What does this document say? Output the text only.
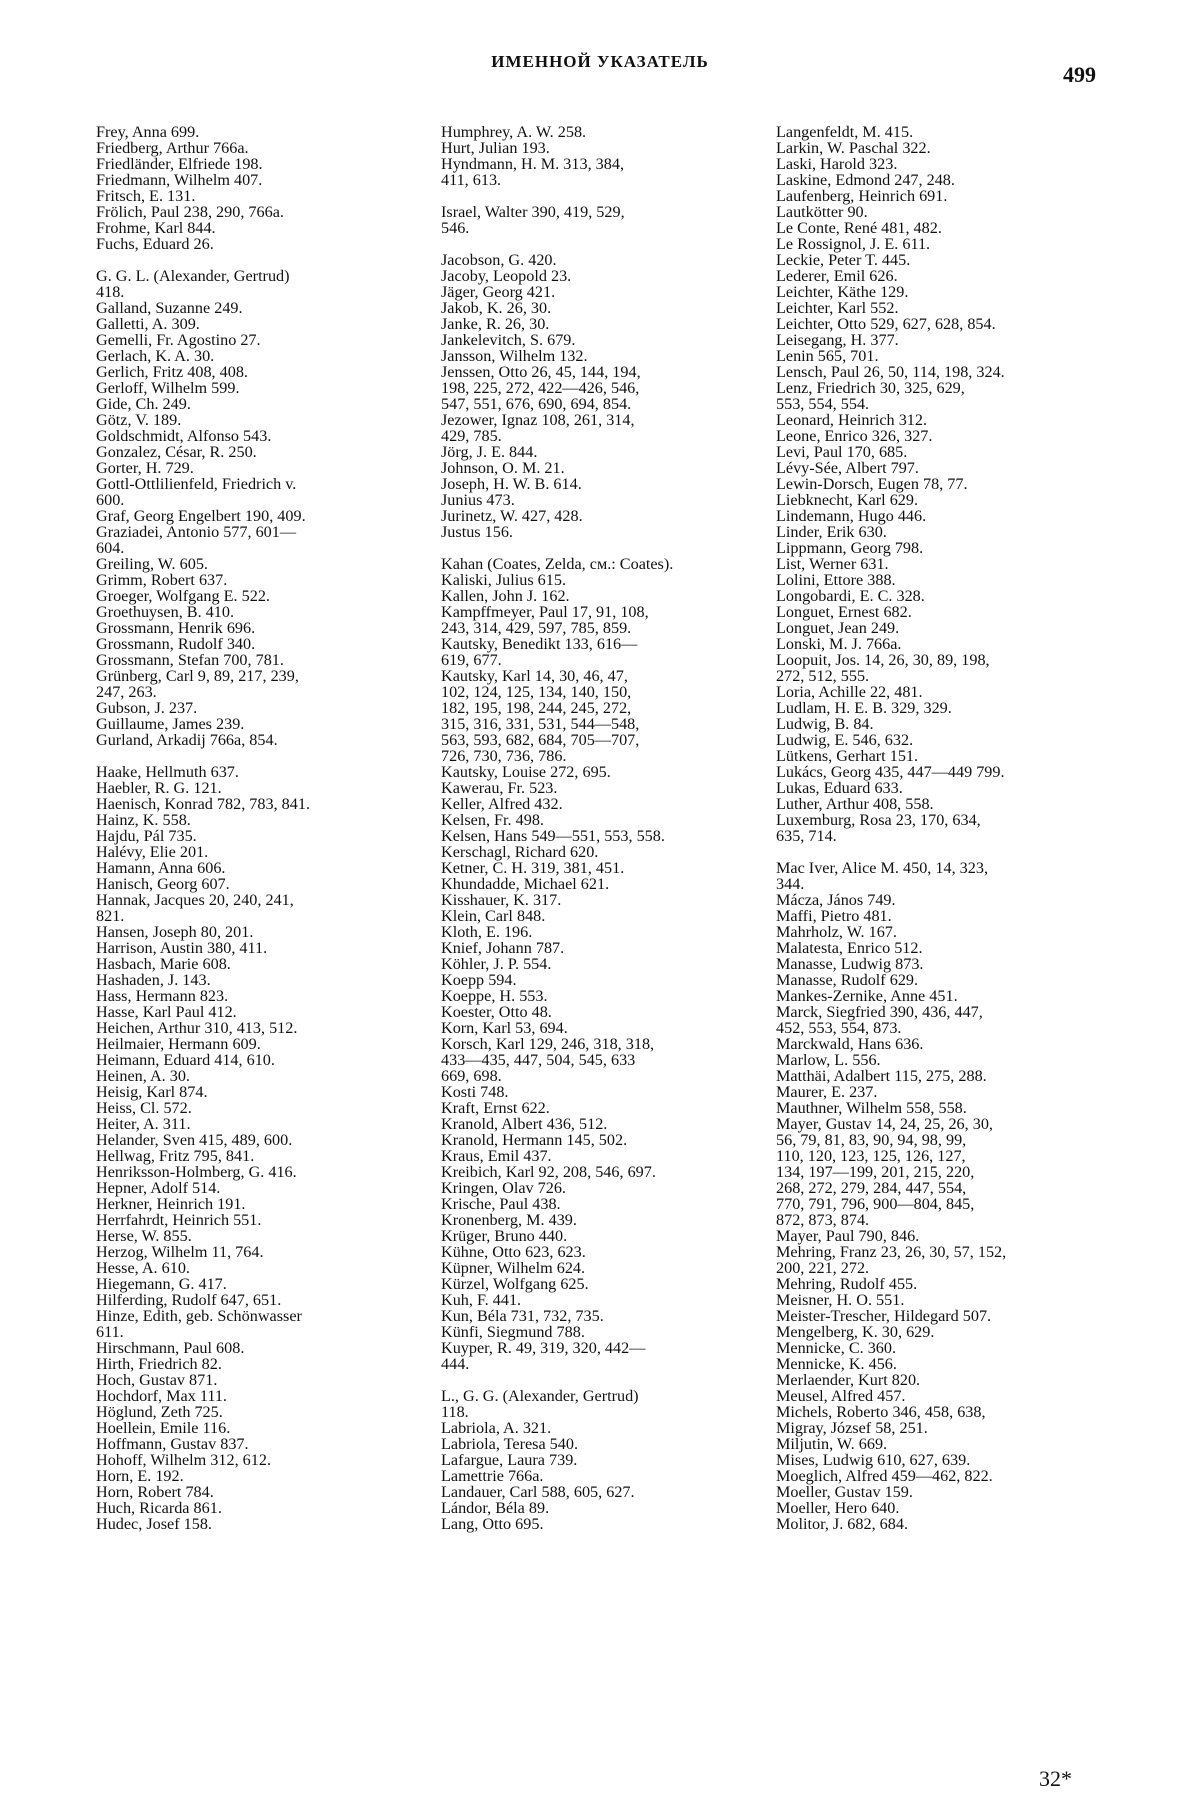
ИМЕННОЙ УКАЗАТЕЛЬ
499
Frey, Anna 699.
Friedberg, Arthur 766a.
Friedländer, Elfriede 198.
Friedmann, Wilhelm 407.
Fritsch, E. 131.
Frölich, Paul 238, 290, 766a.
Frohme, Karl 844.
Fuchs, Eduard 26.
G. G. L. (Alexander, Gertrud)
418.
Galland, Suzanne 249.
Galletti, A. 309.
Gemelli, Fr. Agostino 27.
Gerlach, K. A. 30.
Gerlich, Fritz 408, 408.
Gerloff, Wilhelm 599.
Gide, Ch. 249.
Götz, V. 189.
Goldschmidt, Alfonso 543.
Gonzalez, César, R. 250.
Gorter, H. 729.
Gottl-Ottlilienfeld, Friedrich v.
600.
Graf, Georg Engelbert 190, 409.
Graziadei, Antonio 577, 601—
604.
Greiling, W. 605.
Grimm, Robert 637.
Groeger, Wolfgang E. 522.
Groethuysen, B. 410.
Grossmann, Henrik 696.
Grossmann, Rudolf 340.
Grossmann, Stefan 700, 781.
Grünberg, Carl 9, 89, 217, 239,
247, 263.
Gubson, J. 237.
Guillaume, James 239.
Gurland, Arkadij 766a, 854.
Haake, Hellmuth 637.
Haebler, R. G. 121.
Haenisch, Konrad 782, 783, 841.
Hainz, K. 558.
Hajdu, Pál 735.
Halévy, Elie 201.
Hamann, Anna 606.
Hanisch, Georg 607.
Hannak, Jacques 20, 240, 241,
821.
Hansen, Joseph 80, 201.
Harrison, Austin 380, 411.
Hasbach, Marie 608.
Hashaden, J. 143.
Hass, Hermann 823.
Hasse, Karl Paul 412.
Heichen, Arthur 310, 413, 512.
Heilmaier, Hermann 609.
Heimann, Eduard 414, 610.
Heinen, A. 30.
Heisig, Karl 874.
Heiss, Cl. 572.
Heiter, A. 311.
Helander, Sven 415, 489, 600.
Hellwag, Fritz 795, 841.
Henriksson-Holmberg, G. 416.
Hepner, Adolf 514.
Herkner, Heinrich 191.
Herrfahrdt, Heinrich 551.
Herse, W. 855.
Herzog, Wilhelm 11, 764.
Hesse, A. 610.
Hiegemann, G. 417.
Hilferding, Rudolf 647, 651.
Hinze, Edith, geb. Schönwasser
611.
Hirschmann, Paul 608.
Hirth, Friedrich 82.
Hoch, Gustav 871.
Hochdorf, Max 111.
Höglund, Zeth 725.
Hoellein, Emile 116.
Hoffmann, Gustav 837.
Hohoff, Wilhelm 312, 612.
Horn, E. 192.
Horn, Robert 784.
Huch, Ricarda 861.
Hudec, Josef 158.
Humphrey, A. W. 258.
Hurt, Julian 193.
Hyndmann, H. M. 313, 384,
411, 613.
Israel, Walter 390, 419, 529,
546.
Jacobson, G. 420.
Jacoby, Leopold 23.
Jäger, Georg 421.
Jakob, K. 26, 30.
Janke, R. 26, 30.
Jankelevitch, S. 679.
Jansson, Wilhelm 132.
Jenssen, Otto 26, 45, 144, 194,
198, 225, 272, 422—426, 546,
547, 551, 676, 690, 694, 854.
Jezower, Ignaz 108, 261, 314,
429, 785.
Jörg, J. E. 844.
Johnson, O. M. 21.
Joseph, H. W. B. 614.
Junius 473.
Jurinetz, W. 427, 428.
Justus 156.
Kahan (Coates, Zelda, см.: Coates).
Kaliski, Julius 615.
Kallen, John J. 162.
Kampffmeyer, Paul 17, 91, 108,
243, 314, 429, 597, 785, 859.
Kautsky, Benedikt 133, 616—
619, 677.
Kautsky, Karl 14, 30, 46, 47,
102, 124, 125, 134, 140, 150,
182, 195, 198, 244, 245, 272,
315, 316, 331, 531, 544—548,
563, 593, 682, 684, 705—707,
726, 730, 736, 786.
Kautsky, Louise 272, 695.
Kawerau, Fr. 523.
Keller, Alfred 432.
Kelsen, Fr. 498.
Kelsen, Hans 549—551, 553, 558.
Kerschagl, Richard 620.
Ketner, C. H. 319, 381, 451.
Khundadde, Michael 621.
Kisshauer, K. 317.
Klein, Carl 848.
Kloth, E. 196.
Knief, Johann 787.
Köhler, J. P. 554.
Koepp 594.
Koeppe, H. 553.
Koester, Otto 48.
Korn, Karl 53, 694.
Korsch, Karl 129, 246, 318, 318,
433—435, 447, 504, 545, 633
669, 698.
Kosti 748.
Kraft, Ernst 622.
Kranold, Albert 436, 512.
Kranold, Hermann 145, 502.
Kraus, Emil 437.
Kreibich, Karl 92, 208, 546, 697.
Kringen, Olav 726.
Krische, Paul 438.
Kronenberg, M. 439.
Krüger, Bruno 440.
Kühne, Otto 623, 623.
Küpner, Wilhelm 624.
Kürzel, Wolfgang 625.
Kuh, F. 441.
Kun, Béla 731, 732, 735.
Künfi, Siegmund 788.
Kuyper, R. 49, 319, 320, 442—
444.
L., G. G. (Alexander, Gertrud)
118.
Labriola, A. 321.
Labriola, Teresa 540.
Lafargue, Laura 739.
Lamettrie 766a.
Landauer, Carl 588, 605, 627.
Lándor, Béla 89.
Lang, Otto 695.
Langenfeldt, M. 415.
Larkin, W. Paschal 322.
Laski, Harold 323.
Laskine, Edmond 247, 248.
Laufenberg, Heinrich 691.
Lautkötter 90.
Le Conte, René 481, 482.
Le Rossignol, J. E. 611.
Leckie, Peter T. 445.
Lederer, Emil 626.
Leichter, Käthe 129.
Leichter, Karl 552.
Leichter, Otto 529, 627, 628, 854.
Leisegang, H. 377.
Lenin 565, 701.
Lensch, Paul 26, 50, 114, 198, 324.
Lenz, Friedrich 30, 325, 629,
553, 554, 554.
Leonard, Heinrich 312.
Leone, Enrico 326, 327.
Levi, Paul 170, 685.
Lévy-Sée, Albert 797.
Lewin-Dorsch, Eugen 78, 77.
Liebknecht, Karl 629.
Lindemann, Hugo 446.
Linder, Erik 630.
Lippmann, Georg 798.
List, Werner 631.
Lolini, Ettore 388.
Longobardi, E. C. 328.
Longuet, Ernest 682.
Longuet, Jean 249.
Lonski, M. J. 766a.
Loopuit, Jos. 14, 26, 30, 89, 198,
272, 512, 555.
Loria, Achille 22, 481.
Ludlam, H. E. B. 329, 329.
Ludwig, B. 84.
Ludwig, E. 546, 632.
Lütkens, Gerhart 151.
Lukács, Georg 435, 447—449 799.
Lukas, Eduard 633.
Luther, Arthur 408, 558.
Luxemburg, Rosa 23, 170, 634,
635, 714.
Mac Iver, Alice M. 450, 14, 323,
344.
Mácza, János 749.
Maffi, Pietro 481.
Mahrholz, W. 167.
Malatesta, Enrico 512.
Manasse, Ludwig 873.
Manasse, Rudolf 629.
Mankes-Zernike, Anne 451.
Marck, Siegfried 390, 436, 447,
452, 553, 554, 873.
Marckwald, Hans 636.
Marlow, L. 556.
Matthäi, Adalbert 115, 275, 288.
Maurer, E. 237.
Mauthner, Wilhelm 558, 558.
Mayer, Gustav 14, 24, 25, 26, 30,
56, 79, 81, 83, 90, 94, 98, 99,
110, 120, 123, 125, 126, 127,
134, 197—199, 201, 215, 220,
268, 272, 279, 284, 447, 554,
770, 791, 796, 900—804, 845,
872, 873, 874.
Mayer, Paul 790, 846.
Mehring, Franz 23, 26, 30, 57, 152,
200, 221, 272.
Mehring, Rudolf 455.
Meisner, H. O. 551.
Meister-Trescher, Hildegard 507.
Mengelberg, K. 30, 629.
Mennicke, C. 360.
Mennicke, K. 456.
Merlaender, Kurt 820.
Meusel, Alfred 457.
Michels, Roberto 346, 458, 638,
Migray, József 58, 251.
Miljutin, W. 669.
Mises, Ludwig 610, 627, 639.
Moeglich, Alfred 459—462, 822.
Moeller, Gustav 159.
Moeller, Hero 640.
Molitor, J. 682, 684.
32*
